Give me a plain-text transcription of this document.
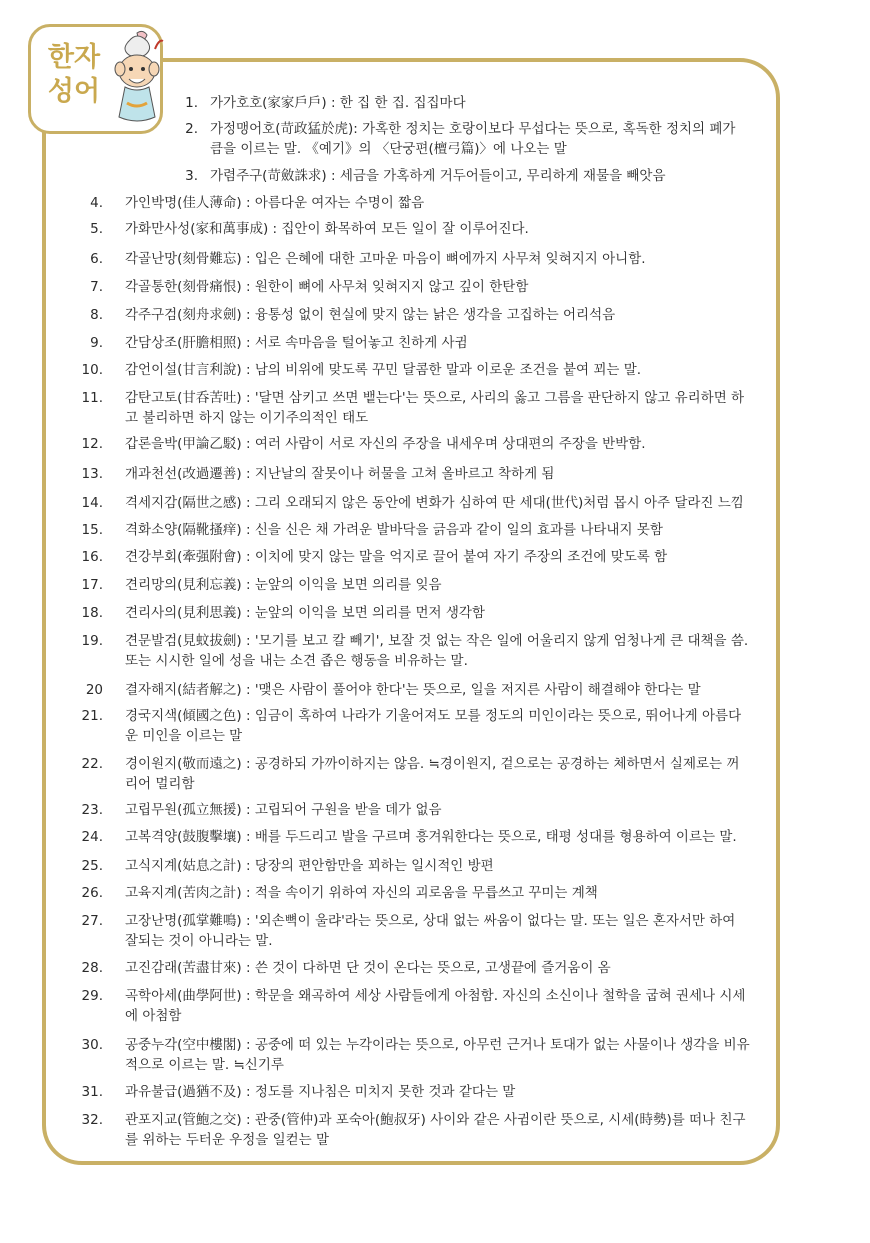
한자
성어	1. 가가호호(家家戶戶) : 한 집 한 집. 집집마다
2. 가정맹어호(苛政猛於虎): 가혹한 정치는 호랑이보다 무섭다는 뜻으로, 혹독한 정치의 폐가 큼을 이르는 말. 《예기》의 〈단궁편(檀弓篇)〉에 나오는 말
3. 가렴주구(苛斂誅求) : 세금을 가혹하게 거두어들이고, 무리하게 재물을 빼앗음
4. 가인박명(佳人薄命) : 아름다운 여자는 수명이 짧음
5. 가화만사성(家和萬事成) : 집안이 화목하여 모든 일이 잘 이루어진다.
6. 각골난망(刻骨難忘) : 입은 은혜에 대한 고마운 마음이 뼈에까지 사무쳐 잊혀지지 아니함.
7. 각골통한(刻骨痛恨) : 원한이 뼈에 사무쳐 잊혀지지 않고 깊이 한탄함
8. 각주구검(刻舟求劍) : 융통성 없이 현실에 맞지 않는 낡은 생각을 고집하는 어리석음
9. 간담상조(肝膽相照) : 서로 속마음을 털어놓고 친하게 사귐
10. 감언이설(甘言利說) : 남의 비위에 맞도록 꾸민 달콤한 말과 이로운 조건을 붙여 꾀는 말.
11. 감탄고토(甘呑苦吐) : '달면 삼키고 쓰면 뱉는다'는 뜻으로, 사리의 옳고 그름을 판단하지 않고 유리하면 하고 불리하면 하지 않는 이기주의적인 태도
12. 갑론을박(甲論乙駁) : 여러 사람이 서로 자신의 주장을 내세우며 상대편의 주장을 반박함.
13. 개과천선(改過遷善) : 지난날의 잘못이나 허물을 고쳐 올바르고 착하게 됨
14. 격세지감(隔世之感) : 그리 오래되지 않은 동안에 변화가 심하여 딴 세대(世代)처럼 몹시 아주 달라진 느낌
15. 격화소양(隔靴搔痒) : 신을 신은 채 가려운 발바닥을 긁음과 같이 일의 효과를 나타내지 못함
16. 견강부회(牽强附會) : 이치에 맞지 않는 말을 억지로 끌어 붙여 자기 주장의 조건에 맞도록 함
17. 견리망의(見利忘義) : 눈앞의 이익을 보면 의리를 잊음
18. 견리사의(見利思義) : 눈앞의 이익을 보면 의리를 먼저 생각함
19. 견문발검(見蚊拔劍) : '모기를 보고 칼 빼기', 보잘 것 없는 작은 일에 어울리지 않게 엄청나게 큰 대책을 씀. 또는 시시한 일에 성을 내는 소견 좁은 행동을 비유하는 말.
20 결자해지(結者解之) : '맺은 사람이 풀어야 한다'는 뜻으로, 일을 저지른 사람이 해결해야 한다는 말
21. 경국지색(傾國之色) : 임금이 혹하여 나라가 기울어져도 모를 정도의 미인이라는 뜻으로, 뛰어나게 아름다운 미인을 이르는 말
22. 경이원지(敬而遠之) : 공경하되 가까이하지는 않음. ≒경이원지, 겉으로는 공경하는 체하면서 실제로는 꺼리어 멀리함
23. 고립무원(孤立無援) : 고립되어 구원을 받을 데가 없음
24. 고복격양(鼓腹擊壤) : 배를 두드리고 발을 구르며 흥겨워한다는 뜻으로, 태평 성대를 형용하여 이르는 말.
25. 고식지계(姑息之計) : 당장의 편안함만을 꾀하는 일시적인 방편
26. 고육지계(苦肉之計) : 적을 속이기 위하여 자신의 괴로움을 무릅쓰고 꾸미는 계책
27. 고장난명(孤掌難鳴) : '외손뼉이 울랴'라는 뜻으로, 상대 없는 싸움이 없다는 말. 또는 일은 혼자서만 하여 잘되는 것이 아니라는 말.
28. 고진감래(苦盡甘來) : 쓴 것이 다하면 단 것이 온다는 뜻으로, 고생끝에 즐거움이 옴
29. 곡학아세(曲學阿世) : 학문을 왜곡하여 세상 사람들에게 아첨함. 자신의 소신이나 철학을 굽혀 권세나 시세에 아첨함
30. 공중누각(空中樓閣) : 공중에 떠 있는 누각이라는 뜻으로, 아무런 근거나 토대가 없는 사물이나 생각을 비유적으로 이르는 말. ≒신기루
31. 과유불급(過猶不及) : 정도를 지나침은 미치지 못한 것과 같다는 말
32. 관포지교(管鮑之交) : 관중(管仲)과 포숙아(鮑叔牙) 사이와 같은 사귐이란 뜻으로, 시세(時勢)를 떠나 친구를 위하는 두터운 우정을 일컫는 말
